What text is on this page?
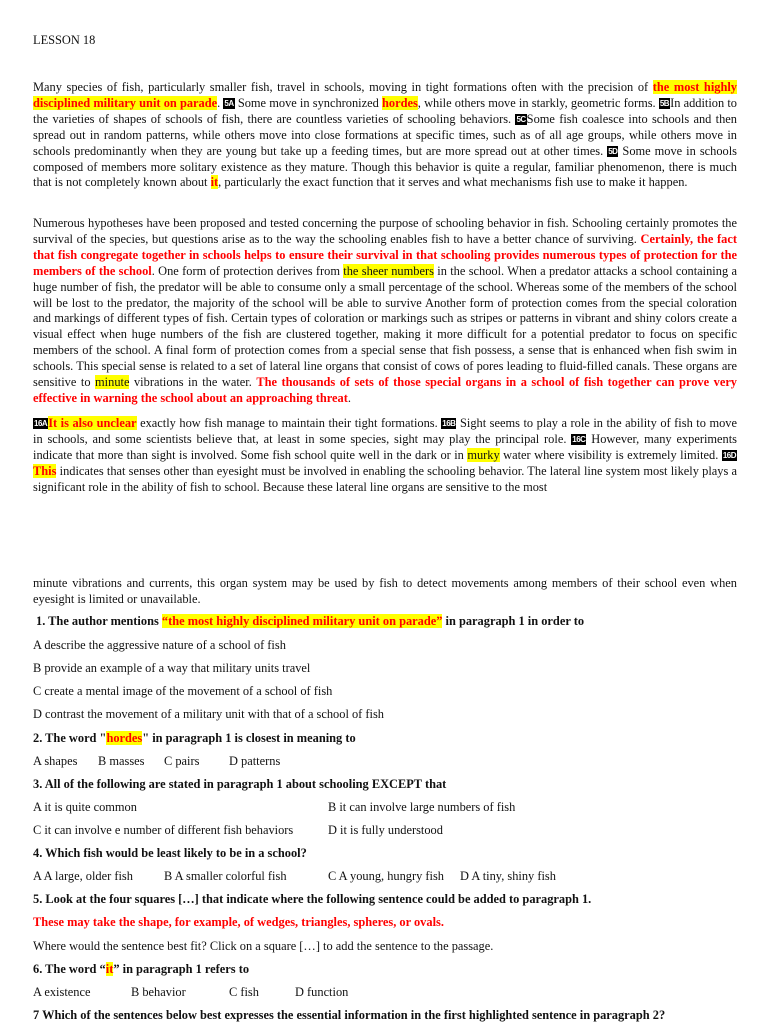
LESSON 18

Many species of fish, particularly smaller fish, travel in schools, moving in tight formations often with the precision of the most highly disciplined military unit on parade. 5A Some move in synchronized hordes, while others move in starkly, geometric forms. 5BIn addition to the varieties of shapes of schools of fish, there are countless varieties of schooling behaviors. 5CSome fish coalesce into schools and then spread out in random patterns, while others move into close formations at specific times, such as of all age groups, while others move in schools predominantly when they are young but take up a feeding times, but are more spread out at other times. 5D Some move in schools composed of members more solitary existence as they mature. Though this behavior is quite a regular, familiar phenomenon, there is much that is not completely known about it, particularly the exact function that it serves and what mechanisms fish use to make it happen.

Numerous hypotheses have been proposed and tested concerning the purpose of schooling behavior in fish. Schooling certainly promotes the survival of the species, but questions arise as to the way the schooling enables fish to have a better chance of surviving. Certainly, the fact that fish congregate together in schools helps to ensure their survival in that schooling provides numerous types of protection for the members of the school. One form of protection derives from the sheer numbers in the school. When a predator attacks a school containing a huge number of fish, the predator will be able to consume only a small percentage of the school. Whereas some of the members of the school will be lost to the predator, the majority of the school will be able to survive Another form of protection comes from the special coloration and markings of different types of fish. Certain types of coloration or markings such as stripes or patterns in vibrant and shiny colors create a visual effect when huge numbers of the fish are clustered together, making it more difficult for a potential predator to focus on specific members of the school. A final form of protection comes from a special sense that fish possess, a sense that is enhanced when fish swim in schools. This special sense is related to a set of lateral line organs that consist of cows of pores leading to fluid-filled canals. These organs are sensitive to minute vibrations in the water. The thousands of sets of those special organs in a school of fish together can prove very effective in warning the school about an approaching threat.

16AIt is also unclear exactly how fish manage to maintain their tight formations. 16B Sight seems to play a role in the ability of fish to move in schools, and some scientists believe that, at least in some species, sight may play the principal role. 16C However, many experiments indicate that more than sight is involved. Some fish school quite well in the dark or in murky water where visibility is extremely limited. 16DThis indicates that senses other than eyesight must be involved in enabling the schooling behavior. The lateral line system most likely plays a significant role in the ability of fish to school. Because these lateral line organs are sensitive to the most

minute vibrations and currents, this organ system may be used by fish to detect movements among members of their school even when eyesight is limited or unavailable.

1. The author mentions “the most highly disciplined military unit on parade” in paragraph 1 in order to
A describe the aggressive nature of a school of fish
B provide an example of a way that military units travel
C create a mental image of the movement of a school of fish
D contrast the movement of a military unit with that of a school of fish
2. The word "hordes" in paragraph 1 is closest in meaning to
A shapes B masses C pairs D patterns
3. All of the following are stated in paragraph 1 about schooling EXCEPT that
A it is quite common	B it can involve large numbers of fish
C it can involve e number of different fish behaviors	D it is fully understood
4. Which fish would be least likely to be in a school?
A A large, older fish	B A smaller colorful fish	C A young, hungry fish D A tiny, shiny fish
5. Look at the four squares […] that indicate where the following sentence could be added to paragraph 1.
These may take the shape, for example, of wedges, triangles, spheres, or ovals.
Where would the sentence best fit? Click on a square […] to add the sentence to the passage.
6. The word “it” in paragraph 1 refers to
A existence	B behavior	C fish	D function
7 Which of the sentences below best expresses the essential information in the first highlighted sentence in paragraph 2?
